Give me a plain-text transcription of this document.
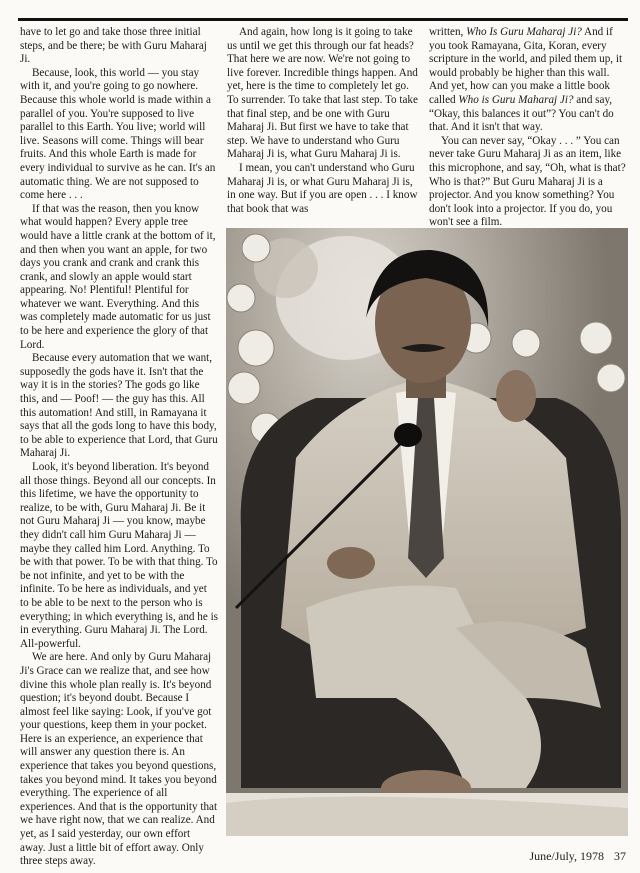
have to let go and take those three initial steps, and be there; be with Guru Maharaj Ji.

Because, look, this world — you stay with it, and you're going to go nowhere. Because this whole world is made within a parallel of you. You're supposed to live parallel to this Earth. You live; world will live. Seasons will come. Things will bear fruits. And this whole Earth is made for every individual to survive as he can. It's an automatic thing. We are not supposed to come here . . .

If that was the reason, then you know what would happen? Every apple tree would have a little crank at the bottom of it, and then when you want an apple, for two days you crank and crank and crank this crank, and slowly an apple would start appearing. No! Plentiful! Plentiful for whatever we want. Everything. And this was completely made automatic for us just to be here and experience the glory of that Lord.

Because every automation that we want, supposedly the gods have it. Isn't that the way it is in the stories? The gods go like this, and — Poof! — the guy has this. All this automation! And still, in Ramayana it says that all the gods long to have this body, to be able to experience that Lord, that Guru Maharaj Ji.

Look, it's beyond liberation. It's beyond all those things. Beyond all our concepts. In this lifetime, we have the opportunity to realize, to be with, Guru Maharaj Ji. Be it not Guru Maharaj Ji — you know, maybe they didn't call him Guru Maharaj Ji — maybe they called him Lord. Anything. To be with that power. To be with that thing. To be not infinite, and yet to be with the infinite. To be here as individuals, and yet to be able to be next to the person who is everything; in which everything is, and he is in everything. Guru Maharaj Ji. The Lord. All-powerful.

We are here. And only by Guru Maharaj Ji's Grace can we realize that, and see how divine this whole plan really is. It's beyond question; it's beyond doubt. Because I almost feel like saying: Look, if you've got your questions, keep them in your pocket. Here is an experience, an experience that will answer any question there is. An experience that takes you beyond questions, takes you beyond mind. It takes you beyond everything. The experience of all experiences. And that is the opportunity that we have right now, that we can realize. And yet, as I said yesterday, our own effort away. Just a little bit of effort away. Only three steps away.

And again, how long is it going to take us until we get this through our fat heads? That here we are now. We're not going to live forever. Incredible things happen. And yet, here is the time to completely let go. To surrender. To take that last step. To take that final step, and be one with Guru Maharaj Ji. But first we have to take that step. We have to understand who Guru Maharaj Ji is, what Guru Maharaj Ji is.

I mean, you can't understand who Guru Maharaj Ji is, or what Guru Maharaj Ji is, in one way. But if you are open . . . I know that book that was

written, Who Is Guru Maharaj Ji? And if you took Ramayana, Gita, Koran, every scripture in the world, and piled them up, it would probably be higher than this wall. And yet, how can you make a little book called Who is Guru Maharaj Ji? and say, “Okay, this balances it out”? You can't do that. And it isn't that way.

You can never say, “Okay . . . ” You can never take Guru Maharaj Ji as an item, like this microphone, and say, “Oh, what is that? Who is that?” But Guru Maharaj Ji is a projector. And you know something? You don't look into a projector. If you do, you won't see a film.

June/July, 1978 37
